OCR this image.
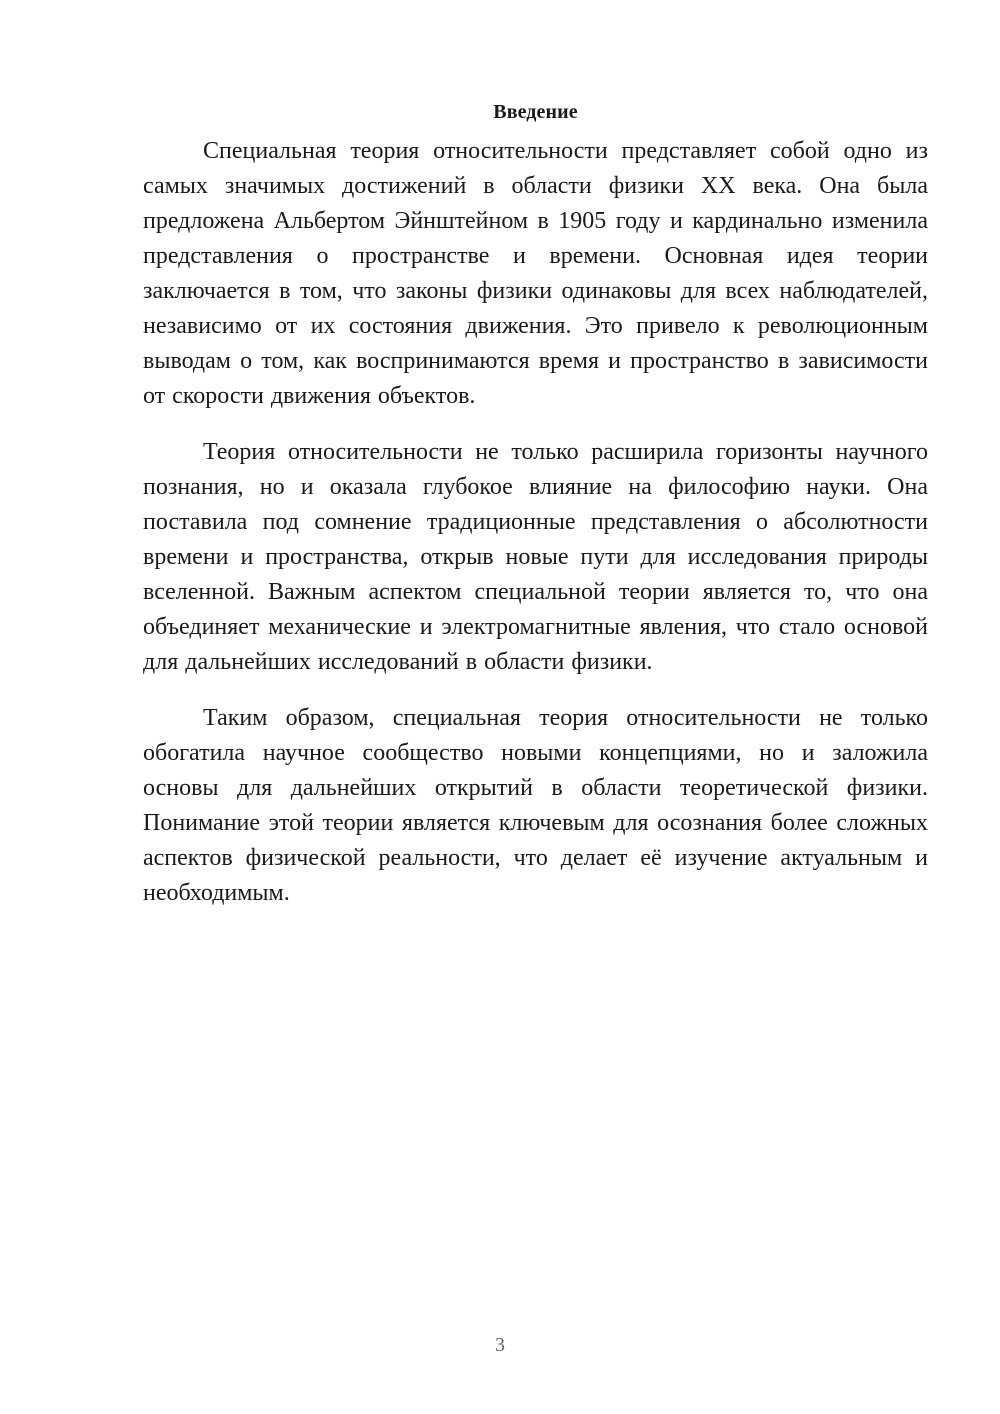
Введение

Специальная теория относительности представляет собой одно из самых значимых достижений в области физики XX века. Она была предложена Альбертом Эйнштейном в 1905 году и кардинально изменила представления о пространстве и времени. Основная идея теории заключается в том, что законы физики одинаковы для всех наблюдателей, независимо от их состояния движения. Это привело к революционным выводам о том, как воспринимаются время и пространство в зависимости от скорости движения объектов.

Теория относительности не только расширила горизонты научного познания, но и оказала глубокое влияние на философию науки. Она поставила под сомнение традиционные представления о абсолютности времени и пространства, открыв новые пути для исследования природы вселенной. Важным аспектом специальной теории является то, что она объединяет механические и электромагнитные явления, что стало основой для дальнейших исследований в области физики.

Таким образом, специальная теория относительности не только обогатила научное сообщество новыми концепциями, но и заложила основы для дальнейших открытий в области теоретической физики. Понимание этой теории является ключевым для осознания более сложных аспектов физической реальности, что делает её изучение актуальным и необходимым.

3
